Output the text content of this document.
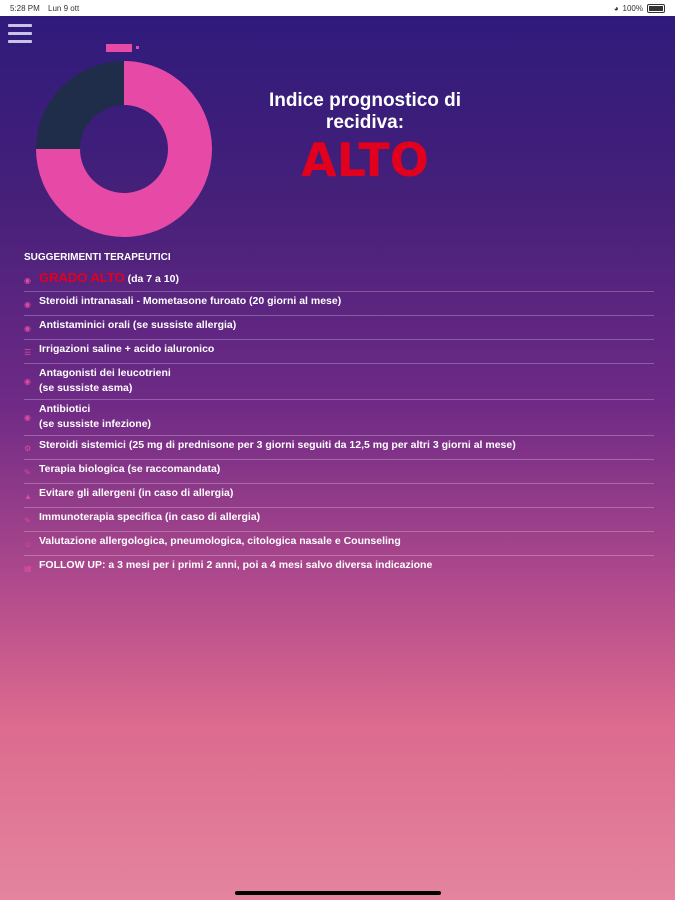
5:28 PM Lun 9 ott	◕ 100%
Indice prognostico di
recidiva:
ALTO
SUGGERIMENTI TERAPEUTICI
◉ GRADO ALTO (da 7 a 10)
◉ Steroidi intranasali - Mometasone furoato (20 giorni al mese)
◉ Antistaminici orali (se sussiste allergia)
☰ Irrigazioni saline + acido ialuronico
◉
Antagonisti dei leucotrieni
(se sussiste asma)
◉
Antibiotici
(se sussiste infezione)
⚙ Steroidi sistemici (25 mg di prednisone per 3 giorni seguiti da 12,5 mg per altri 3 giorni al mese)
✎ Terapia biologica (se raccomandata)
▲ Evitare gli allergeni (in caso di allergia)
✎ Immunoterapia specifica (in caso di allergia)
☺ Valutazione allergologica, pneumologica, citologica nasale e Counseling
▦ FOLLOW UP: a 3 mesi per i primi 2 anni, poi a 4 mesi salvo diversa indicazione
